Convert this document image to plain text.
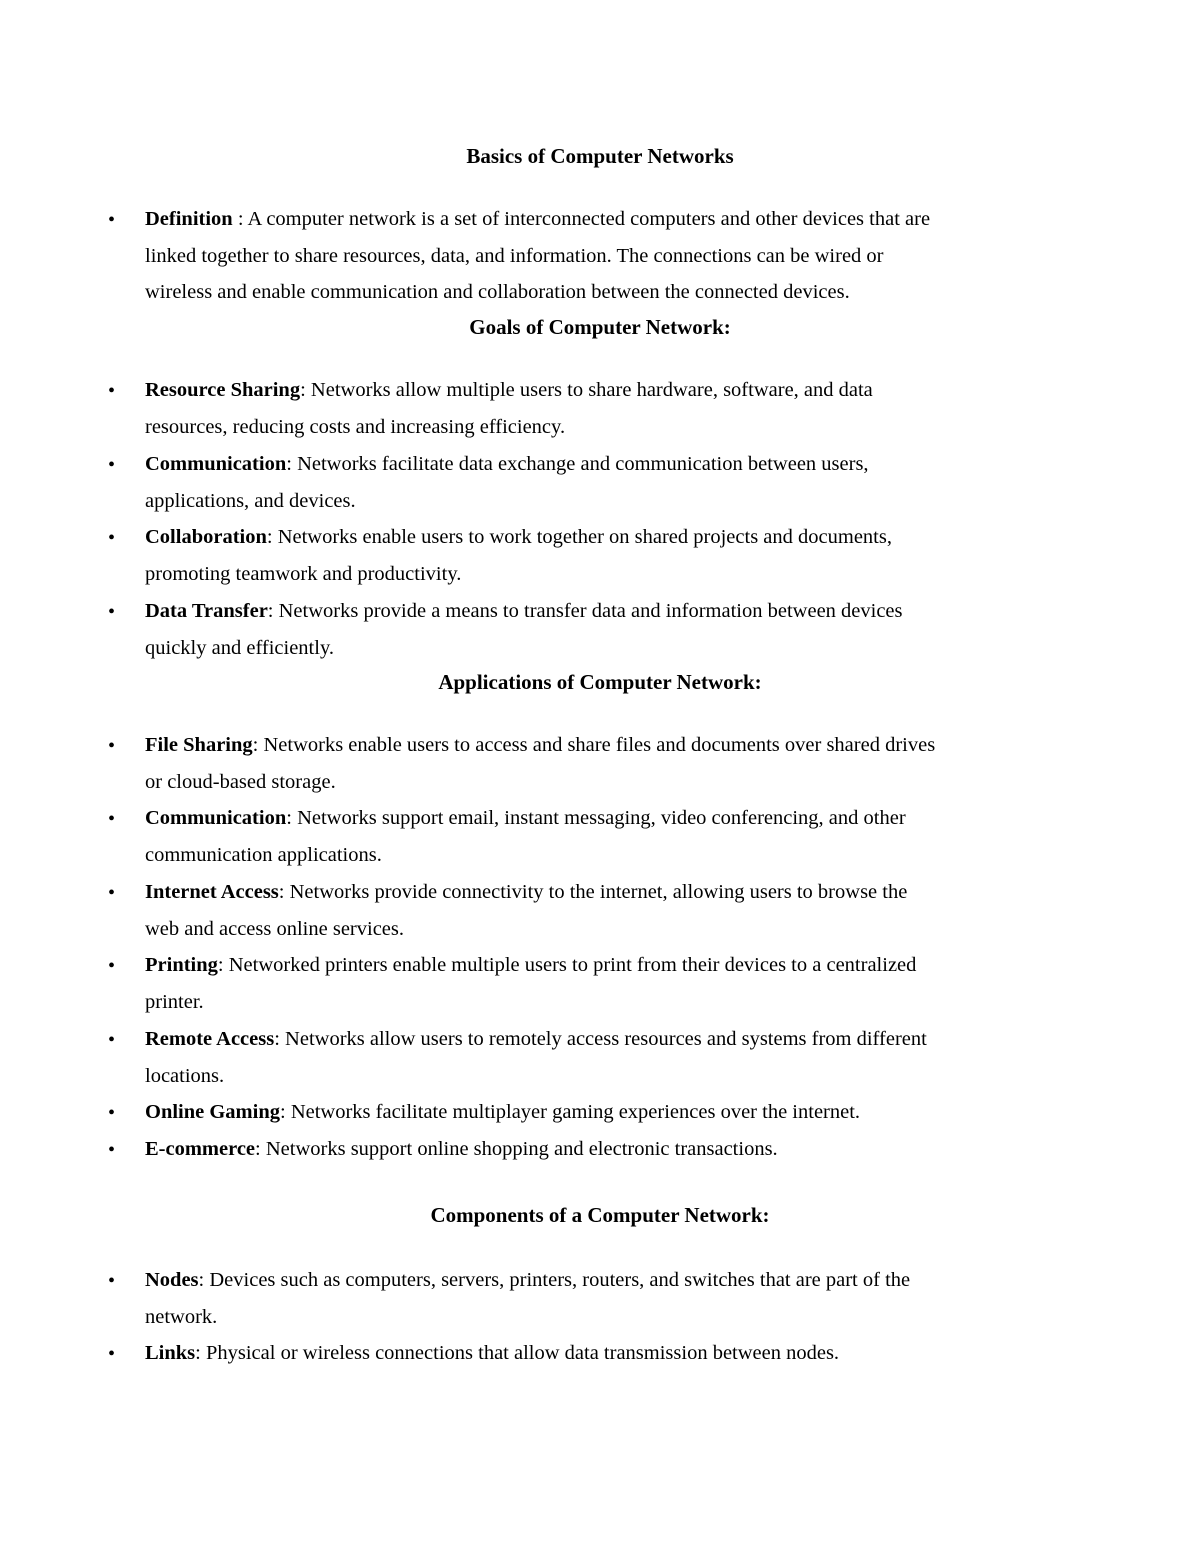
Basics of Computer Networks
• Definition : A computer network is a set of interconnected computers and other devices that are
linked together to share resources, data, and information. The connections can be wired or
wireless and enable communication and collaboration between the connected devices.
Goals of Computer Network:
• Resource Sharing: Networks allow multiple users to share hardware, software, and data
resources, reducing costs and increasing efficiency.
• Communication: Networks facilitate data exchange and communication between users,
applications, and devices.
• Collaboration: Networks enable users to work together on shared projects and documents,
promoting teamwork and productivity.
• Data Transfer: Networks provide a means to transfer data and information between devices
quickly and efficiently.
Applications of Computer Network:
• File Sharing: Networks enable users to access and share files and documents over shared drives
or cloud-based storage.
• Communication: Networks support email, instant messaging, video conferencing, and other
communication applications.
• Internet Access: Networks provide connectivity to the internet, allowing users to browse the
web and access online services.
• Printing: Networked printers enable multiple users to print from their devices to a centralized
printer.
• Remote Access: Networks allow users to remotely access resources and systems from different
locations.
• Online Gaming: Networks facilitate multiplayer gaming experiences over the internet.
• E-commerce: Networks support online shopping and electronic transactions.
Components of a Computer Network:
• Nodes: Devices such as computers, servers, printers, routers, and switches that are part of the
network.
• Links: Physical or wireless connections that allow data transmission between nodes.
